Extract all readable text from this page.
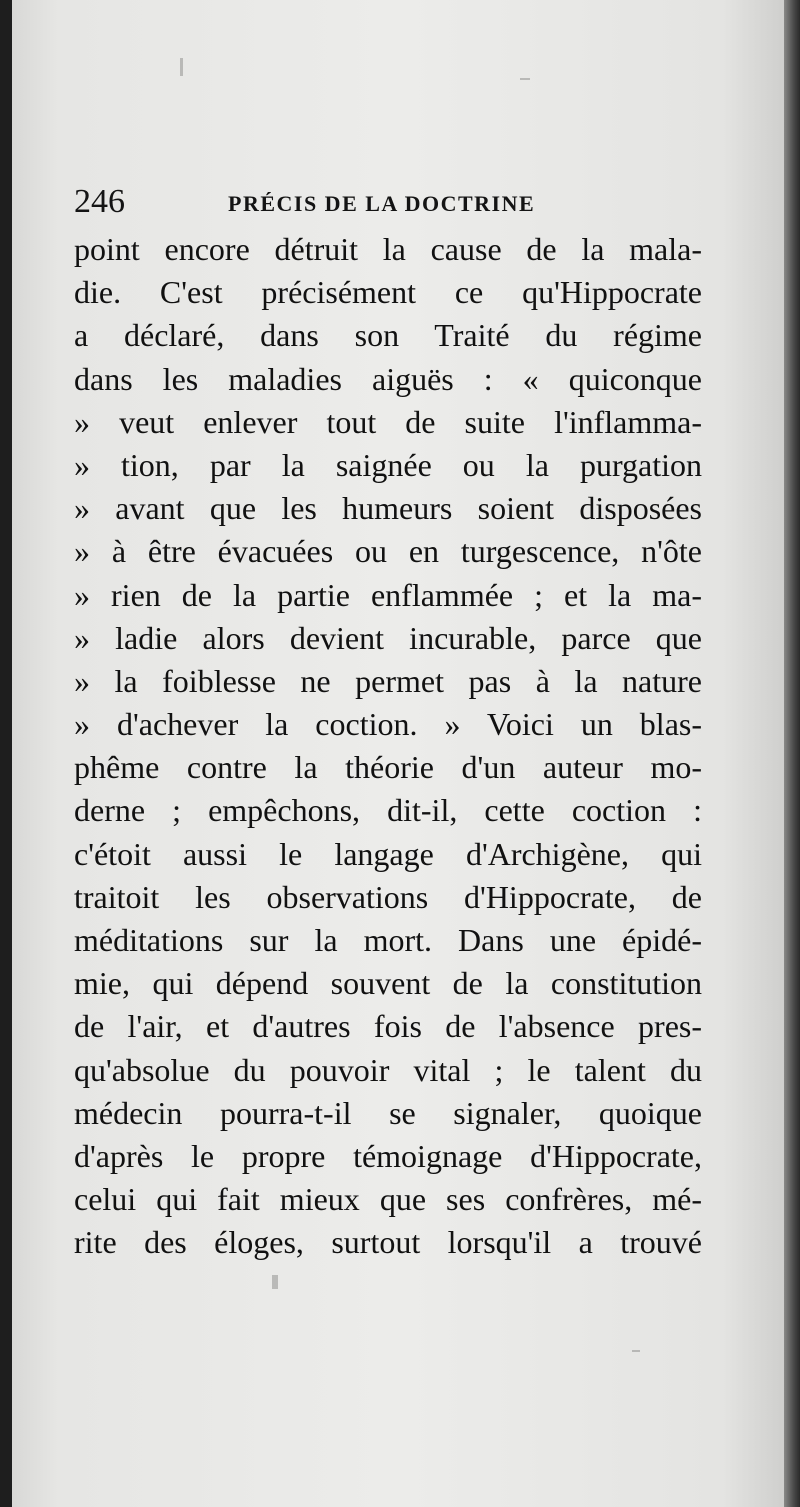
246	PRÉCIS DE LA DOCTRINE
point encore détruit la cause de la mala-
die. C'est précisément ce qu'Hippocrate
a déclaré, dans son Traité du régime
dans les maladies aiguës : « quiconque
» veut enlever tout de suite l'inflamma-
» tion, par la saignée ou la purgation
» avant que les humeurs soient disposées
» à être évacuées ou en turgescence, n'ôte
» rien de la partie enflammée ; et la ma-
» ladie alors devient incurable, parce que
» la foiblesse ne permet pas à la nature
» d'achever la coction. » Voici un blas-
phême contre la théorie d'un auteur mo-
derne ; empêchons, dit-il, cette coction :
c'étoit aussi le langage d'Archigène, qui
traitoit les observations d'Hippocrate, de
méditations sur la mort. Dans une épidé-
mie, qui dépend souvent de la constitution
de l'air, et d'autres fois de l'absence pres-
qu'absolue du pouvoir vital ; le talent du
médecin pourra-t-il se signaler, quoique
d'après le propre témoignage d'Hippocrate,
celui qui fait mieux que ses confrères, mé-
rite des éloges, surtout lorsqu'il a trouvé
